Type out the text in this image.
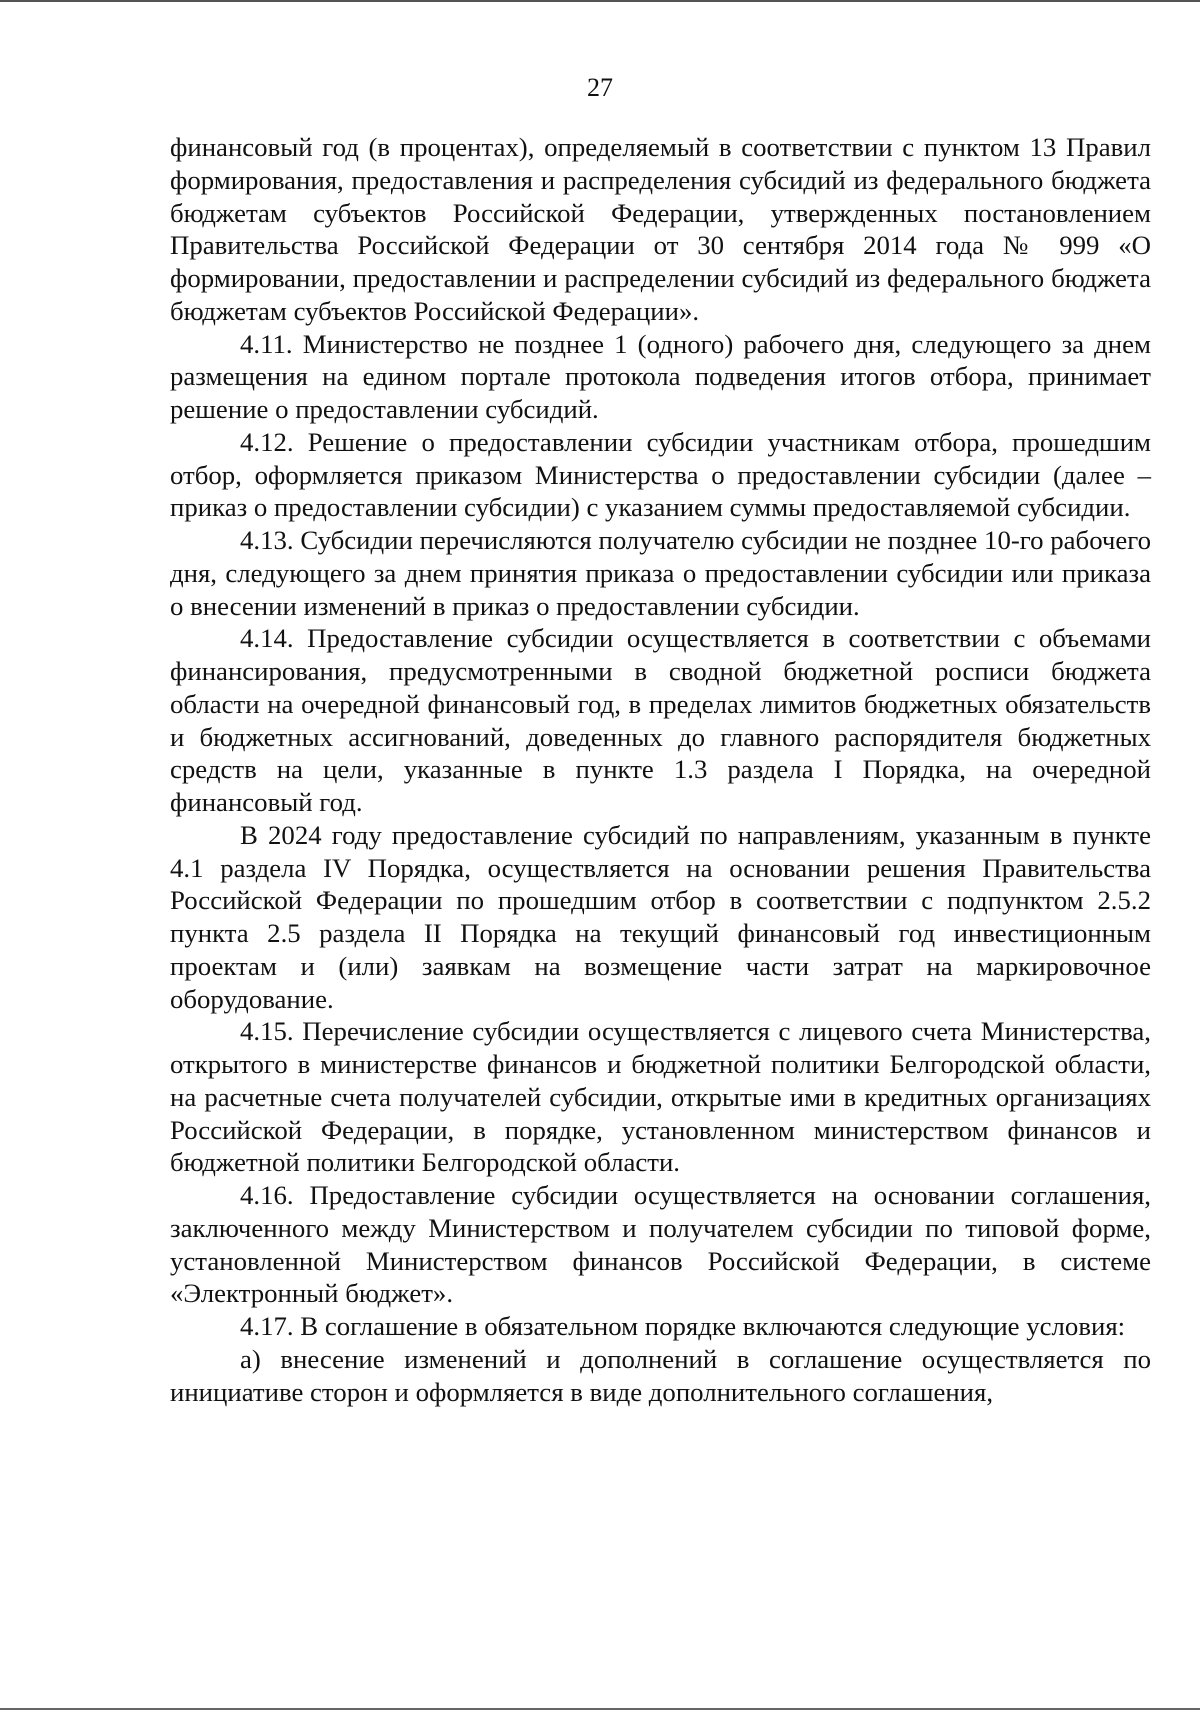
27

финансовый год (в процентах), определяемый в соответствии с пунктом 13 Правил формирования, предоставления и распределения субсидий из федерального бюджета бюджетам субъектов Российской Федерации, утвержденных постановлением Правительства Российской Федерации от 30 сентября 2014 года № 999 «О формировании, предоставлении и распределении субсидий из федерального бюджета бюджетам субъектов Российской Федерации».

4.11. Министерство не позднее 1 (одного) рабочего дня, следующего за днем размещения на едином портале протокола подведения итогов отбора, принимает решение о предоставлении субсидий.

4.12. Решение о предоставлении субсидии участникам отбора, прошедшим отбор, оформляется приказом Министерства о предоставлении субсидии (далее – приказ о предоставлении субсидии) с указанием суммы предоставляемой субсидии.

4.13. Субсидии перечисляются получателю субсидии не позднее 10-го рабочего дня, следующего за днем принятия приказа о предоставлении субсидии или приказа о внесении изменений в приказ о предоставлении субсидии.

4.14. Предоставление субсидии осуществляется в соответствии с объемами финансирования, предусмотренными в сводной бюджетной росписи бюджета области на очередной финансовый год, в пределах лимитов бюджетных обязательств и бюджетных ассигнований, доведенных до главного распорядителя бюджетных средств на цели, указанные в пункте 1.3 раздела I Порядка, на очередной финансовый год.

В 2024 году предоставление субсидий по направлениям, указанным в пункте 4.1 раздела IV Порядка, осуществляется на основании решения Правительства Российской Федерации по прошедшим отбор в соответствии с подпунктом 2.5.2 пункта 2.5 раздела II Порядка на текущий финансовый год инвестиционным проектам и (или) заявкам на возмещение части затрат на маркировочное оборудование.

4.15. Перечисление субсидии осуществляется с лицевого счета Министерства, открытого в министерстве финансов и бюджетной политики Белгородской области, на расчетные счета получателей субсидии, открытые ими в кредитных организациях Российской Федерации, в порядке, установленном министерством финансов и бюджетной политики Белгородской области.

4.16. Предоставление субсидии осуществляется на основании соглашения, заключенного между Министерством и получателем субсидии по типовой форме, установленной Министерством финансов Российской Федерации, в системе «Электронный бюджет».

4.17. В соглашение в обязательном порядке включаются следующие условия:

а) внесение изменений и дополнений в соглашение осуществляется по инициативе сторон и оформляется в виде дополнительного соглашения,
